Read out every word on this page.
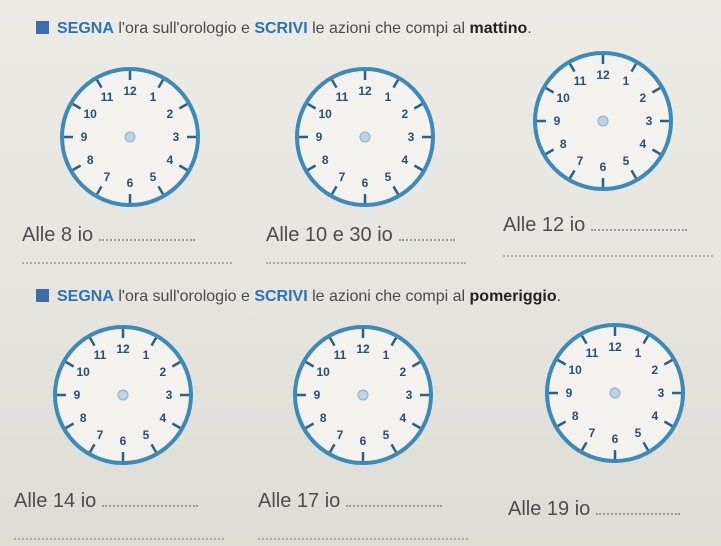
SEGNA l'ora sull'orologio e SCRIVI le azioni che compi al mattino.
12 1
2
3
4
5
6
7
8
9
10
11	12 1
2
3
4
5
6
7
8
9
10
11
12 1
2
3
4
5
6
7
8
9
10
11
Alle 8 io	Alle 10 e 30 io	Alle 12 io
SEGNA l'ora sull'orologio e SCRIVI le azioni che compi al pomeriggio.
12 1
2
3
4
5
6
7
8
9
10
11	12 1
2
3
4
5
6
7
8
9
10
11
12 1
2
3
4
5
6
7
8
9
10
11
Alle 14 io	Alle 17 io	Alle 19 io
